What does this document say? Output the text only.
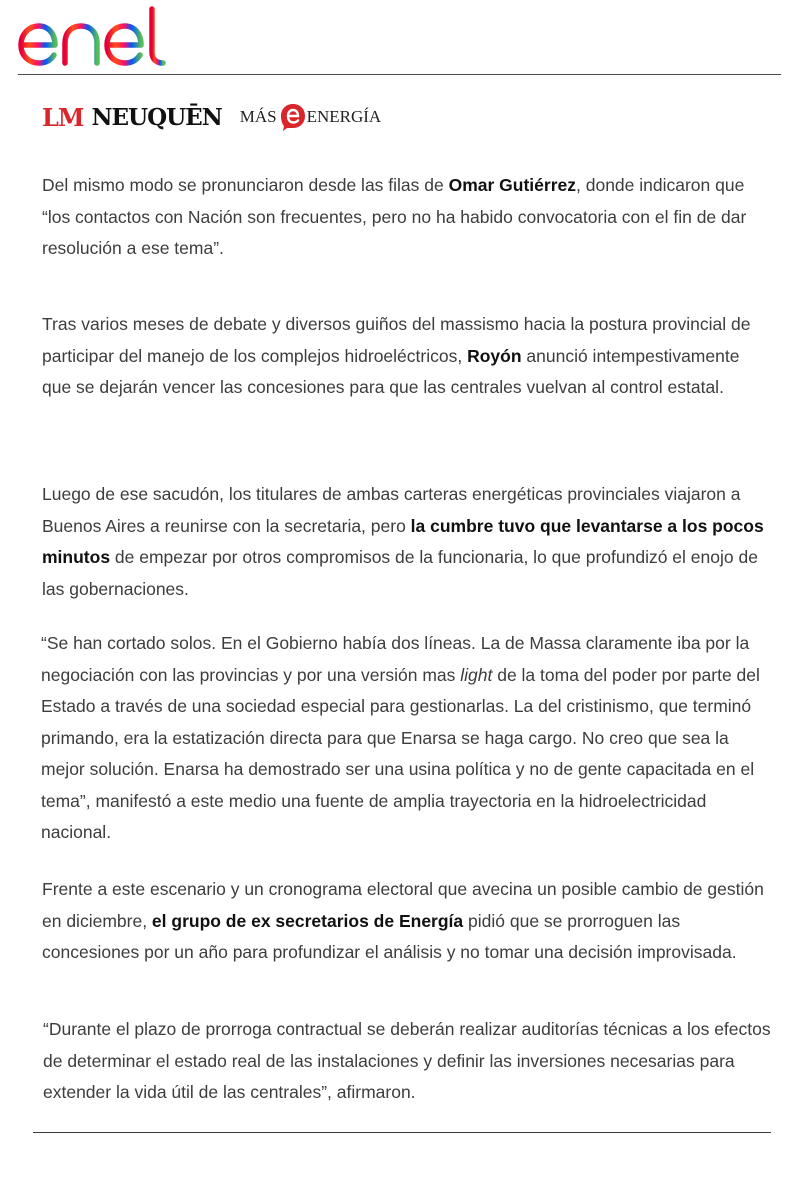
LM NEUQUĒN MÁS ENERGÍA

Del mismo modo se pronunciaron desde las filas de Omar Gutiérrez, donde indicaron que “los contactos con Nación son frecuentes, pero no ha habido convocatoria con el fin de dar resolución a ese tema”.

Tras varios meses de debate y diversos guiños del massismo hacia la postura provincial de participar del manejo de los complejos hidroeléctricos, Royón anunció intempestivamente que se dejarán vencer las concesiones para que las centrales vuelvan al control estatal.

Luego de ese sacudón, los titulares de ambas carteras energéticas provinciales viajaron a Buenos Aires a reunirse con la secretaria, pero la cumbre tuvo que levantarse a los pocos minutos de empezar por otros compromisos de la funcionaria, lo que profundizó el enojo de las gobernaciones.

“Se han cortado solos. En el Gobierno había dos líneas. La de Massa claramente iba por la negociación con las provincias y por una versión mas light de la toma del poder por parte del Estado a través de una sociedad especial para gestionarlas. La del cristinismo, que terminó primando, era la estatización directa para que Enarsa se haga cargo. No creo que sea la mejor solución. Enarsa ha demostrado ser una usina política y no de gente capacitada en el tema”, manifestó a este medio una fuente de amplia trayectoria en la hidroelectricidad nacional.

Frente a este escenario y un cronograma electoral que avecina un posible cambio de gestión en diciembre, el grupo de ex secretarios de Energía pidió que se prorroguen las concesiones por un año para profundizar el análisis y no tomar una decisión improvisada.

“Durante el plazo de prorroga contractual se deberán realizar auditorías técnicas a los efectos de determinar el estado real de las instalaciones y definir las inversiones necesarias para extender la vida útil de las centrales”, afirmaron.
